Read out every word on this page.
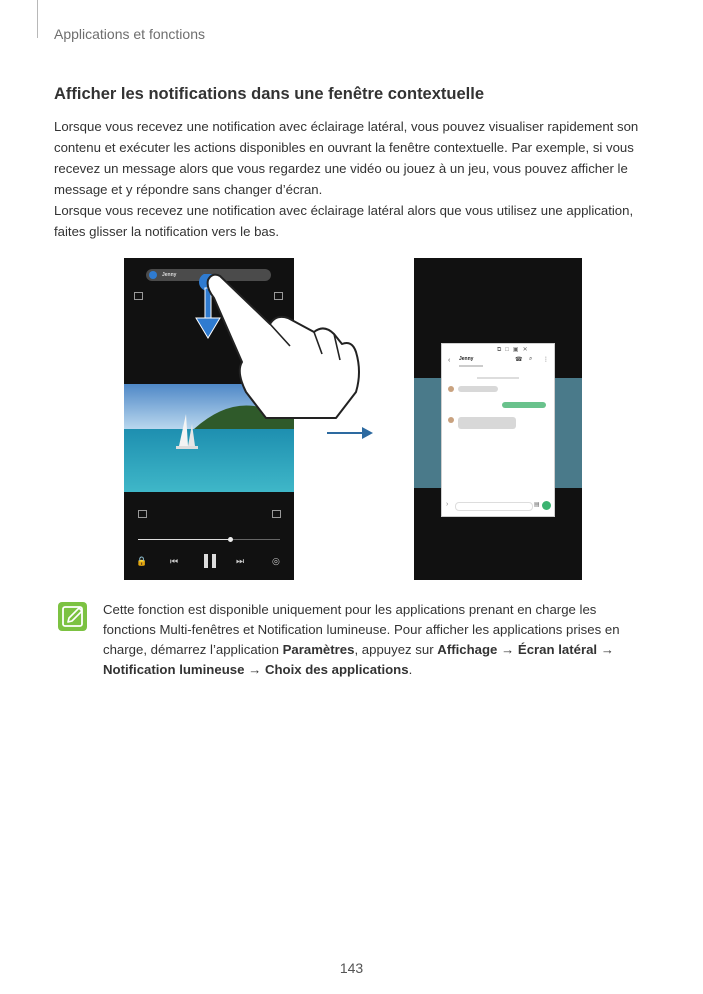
Applications et fonctions
Afficher les notifications dans une fenêtre contextuelle

Lorsque vous recevez une notification avec éclairage latéral, vous pouvez visualiser rapidement son contenu et exécuter les actions disponibles en ouvrant la fenêtre contextuelle. Par exemple, si vous recevez un message alors que vous regardez une vidéo ou jouez à un jeu, vous pouvez afficher le message et y répondre sans changer d’écran.

Lorsque vous recevez une notification avec éclairage latéral alors que vous utilisez une application, faites glisser la notification vers le bas.

Jenny
🔒	⏮	⏭	◎
⧉□▣✕
‹ Jenny	☎ ⌕ ⋮
›	▤
Cette fonction est disponible uniquement pour les applications prenant en charge les fonctions Multi-fenêtres et Notification lumineuse. Pour afficher les applications prises en charge, démarrez l’application Paramètres, appuyez sur Affichage → Écran latéral → Notification lumineuse → Choix des applications.
143
